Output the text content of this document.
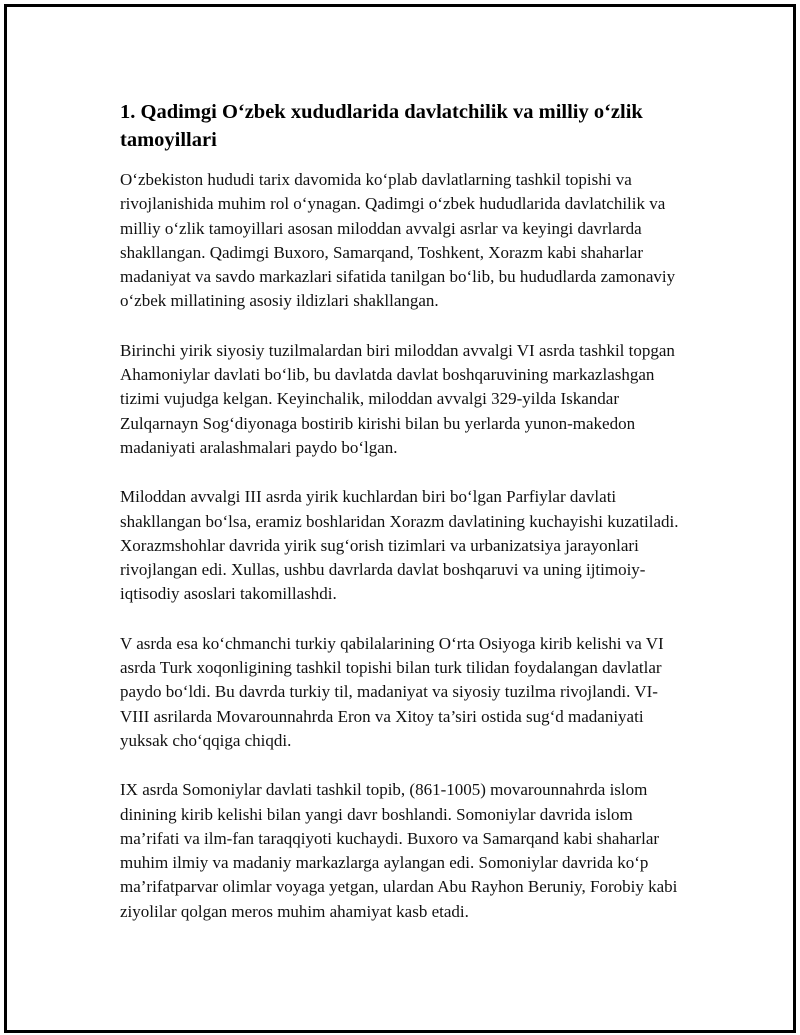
1. Qadimgi O‘zbek xududlarida davlatchilik va milliy o‘zlik tamoyillari

O‘zbekiston hududi tarix davomida ko‘plab davlatlarning tashkil topishi va rivojlanishida muhim rol o‘ynagan. Qadimgi o‘zbek hududlarida davlatchilik va milliy o‘zlik tamoyillari asosan miloddan avvalgi asrlar va keyingi davrlarda shakllangan. Qadimgi Buxoro, Samarqand, Toshkent, Xorazm kabi shaharlar madaniyat va savdo markazlari sifatida tanilgan bo‘lib, bu hududlarda zamonaviy o‘zbek millatining asosiy ildizlari shakllangan.

Birinchi yirik siyosiy tuzilmalardan biri miloddan avvalgi VI asrda tashkil topgan Ahamoniylar davlati bo‘lib, bu davlatda davlat boshqaruvining markazlashgan tizimi vujudga kelgan. Keyinchalik, miloddan avvalgi 329-yilda Iskandar Zulqarnayn Sog‘diyonaga bostirib kirishi bilan bu yerlarda yunon-makedon madaniyati aralashmalari paydo bo‘lgan.

Miloddan avvalgi III asrda yirik kuchlardan biri bo‘lgan Parfiylar davlati shakllangan bo‘lsa, eramiz boshlaridan Xorazm davlatining kuchayishi kuzatiladi. Xorazmshohlar davrida yirik sug‘orish tizimlari va urbanizatsiya jarayonlari rivojlangan edi. Xullas, ushbu davrlarda davlat boshqaruvi va uning ijtimoiy-iqtisodiy asoslari takomillashdi.

V asrda esa ko‘chmanchi turkiy qabilalarining O‘rta Osiyoga kirib kelishi va VI asrda Turk xoqonligining tashkil topishi bilan turk tilidan foydalangan davlatlar paydo bo‘ldi. Bu davrda turkiy til, madaniyat va siyosiy tuzilma rivojlandi. VI-VIII asrilarda Movarounnahrda Eron va Xitoy ta’siri ostida sug‘d madaniyati yuksak cho‘qqiga chiqdi.

IX asrda Somoniylar davlati tashkil topib, (861-1005) movarounnahrda islom dinining kirib kelishi bilan yangi davr boshlandi. Somoniylar davrida islom ma’rifati va ilm-fan taraqqiyoti kuchaydi. Buxoro va Samarqand kabi shaharlar muhim ilmiy va madaniy markazlarga aylangan edi. Somoniylar davrida ko‘p ma’rifatparvar olimlar voyaga yetgan, ulardan Abu Rayhon Beruniy, Forobiy kabi ziyolilar qolgan meros muhim ahamiyat kasb etadi.
